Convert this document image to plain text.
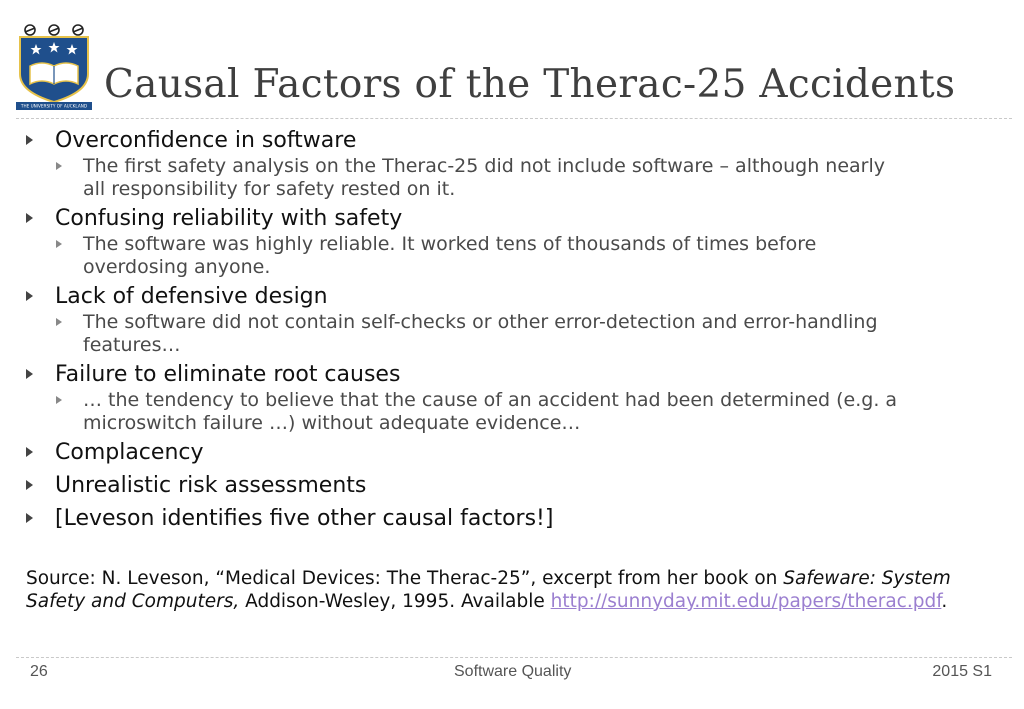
THE UNIVERSITY OF AUCKLAND Causal Factors of the Therac-25 Accidents
Overconfidence in software
The first safety analysis on the Therac-25 did not include software – although nearly all responsibility for safety rested on it.
Confusing reliability with safety
The software was highly reliable. It worked tens of thousands of times before overdosing anyone.
Lack of defensive design
The software did not contain self-checks or other error-detection and error-handling features…
Failure to eliminate root causes
… the tendency to believe that the cause of an accident had been determined (e.g. a microswitch failure …) without adequate evidence…
Complacency
Unrealistic risk assessments
[Leveson identifies five other causal factors!]
Source: N. Leveson, “Medical Devices: The Therac-25”, excerpt from her book on Safeware: System Safety and Computers, Addison-Wesley, 1995. Available http://sunnyday.mit.edu/papers/therac.pdf.
26	Software Quality	2015 S1
